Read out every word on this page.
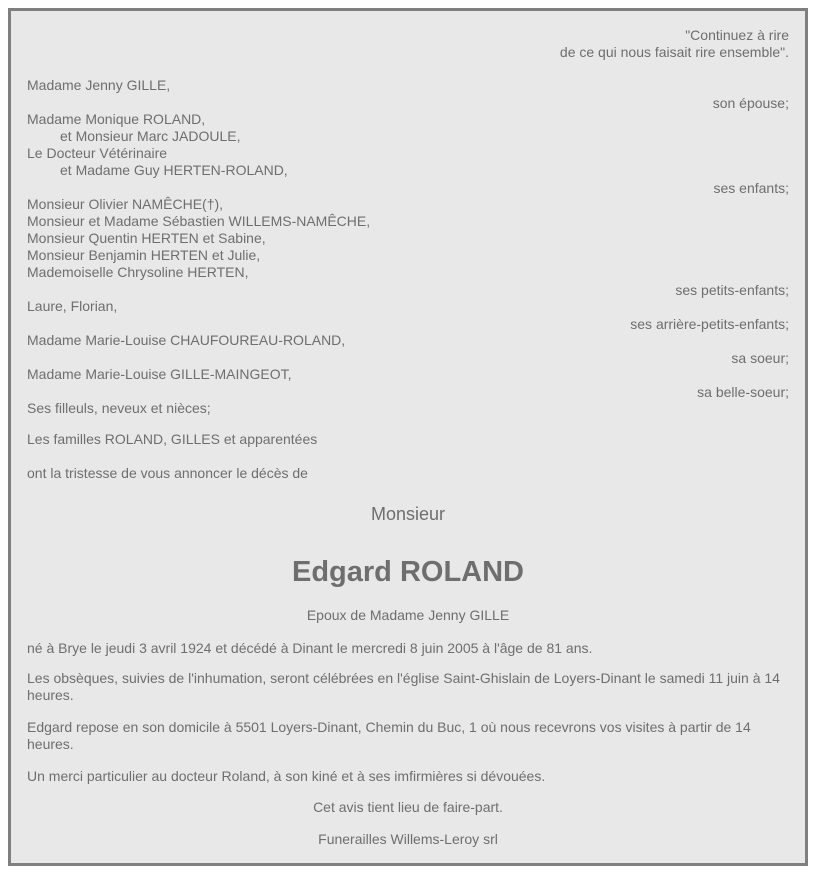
"Continuez à rire
de ce qui nous faisait rire ensemble".
Madame Jenny GILLE,
son épouse;
Madame Monique ROLAND,
et Monsieur Marc JADOULE,
Le Docteur Vétérinaire
et Madame Guy HERTEN-ROLAND,
ses enfants;
Monsieur Olivier NAMÊCHE(†),
Monsieur et Madame Sébastien WILLEMS-NAMÊCHE,
Monsieur Quentin HERTEN et Sabine,
Monsieur Benjamin HERTEN et Julie,
Mademoiselle Chrysoline HERTEN,
ses petits-enfants;
Laure, Florian,
ses arrière-petits-enfants;
Madame Marie-Louise CHAUFOUREAU-ROLAND,
sa soeur;
Madame Marie-Louise GILLE-MAINGEOT,
sa belle-soeur;
Ses filleuls, neveux et nièces;
Les familles ROLAND, GILLES et apparentées
ont la tristesse de vous annoncer le décès de
Monsieur
Edgard ROLAND
Epoux de Madame Jenny GILLE
né à Brye le jeudi 3 avril 1924 et décédé à Dinant le mercredi 8 juin 2005 à l'âge de 81 ans.
Les obsèques, suivies de l'inhumation, seront célébrées en l'église Saint-Ghislain de Loyers-Dinant le samedi 11 juin à 14 heures.
Edgard repose en son domicile à 5501 Loyers-Dinant, Chemin du Buc, 1 où nous recevrons vos visites à partir de 14 heures.
Un merci particulier au docteur Roland, à son kiné et à ses imfirmières si dévouées.
Cet avis tient lieu de faire-part.
Funerailles Willems-Leroy srl
